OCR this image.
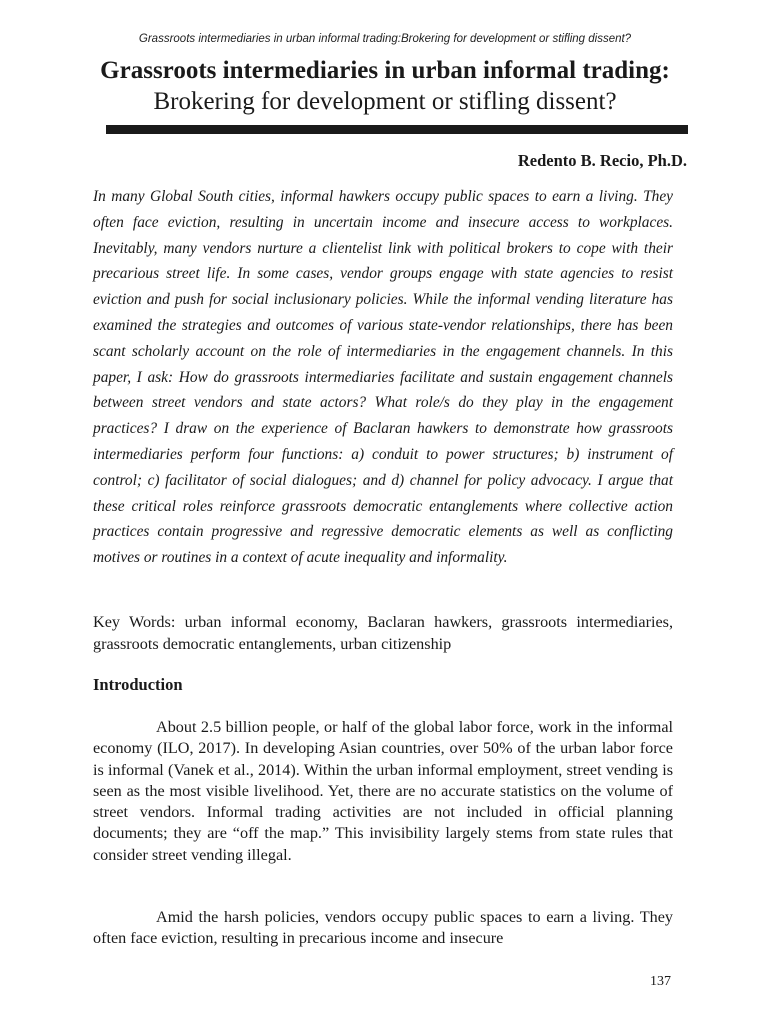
Grassroots intermediaries in urban informal trading:Brokering for development or stifling dissent?
Grassroots intermediaries in urban informal trading:
Brokering for development or stifling dissent?
Redento B. Recio, Ph.D.

In many Global South cities, informal hawkers occupy public spaces to earn a living. They often face eviction, resulting in uncertain income and insecure access to workplaces. Inevitably, many vendors nurture a clientelist link with political brokers to cope with their precarious street life. In some cases, vendor groups engage with state agencies to resist eviction and push for social inclusionary policies. While the informal vending literature has examined the strategies and outcomes of various state-vendor relationships, there has been scant scholarly account on the role of intermediaries in the engagement channels. In this paper, I ask: How do grassroots intermediaries facilitate and sustain engagement channels between street vendors and state actors? What role/s do they play in the engagement practices? I draw on the experience of Baclaran hawkers to demonstrate how grassroots intermediaries perform four functions: a) conduit to power structures; b) instrument of control; c) facilitator of social dialogues; and d) channel for policy advocacy. I argue that these critical roles reinforce grassroots democratic entanglements where collective action practices contain progressive and regressive democratic elements as well as conflicting motives or routines in a context of acute inequality and informality.

Key Words: urban informal economy, Baclaran hawkers, grassroots intermediaries, grassroots democratic entanglements, urban citizenship

Introduction

About 2.5 billion people, or half of the global labor force, work in the informal economy (ILO, 2017). In developing Asian countries, over 50% of the urban labor force is informal (Vanek et al., 2014). Within the urban informal employment, street vending is seen as the most visible livelihood. Yet, there are no accurate statistics on the volume of street vendors. Informal trading activities are not included in official planning documents; they are “off the map.” This invisibility largely stems from state rules that consider street vending illegal.

Amid the harsh policies, vendors occupy public spaces to earn a living. They often face eviction, resulting in precarious income and insecure

137
